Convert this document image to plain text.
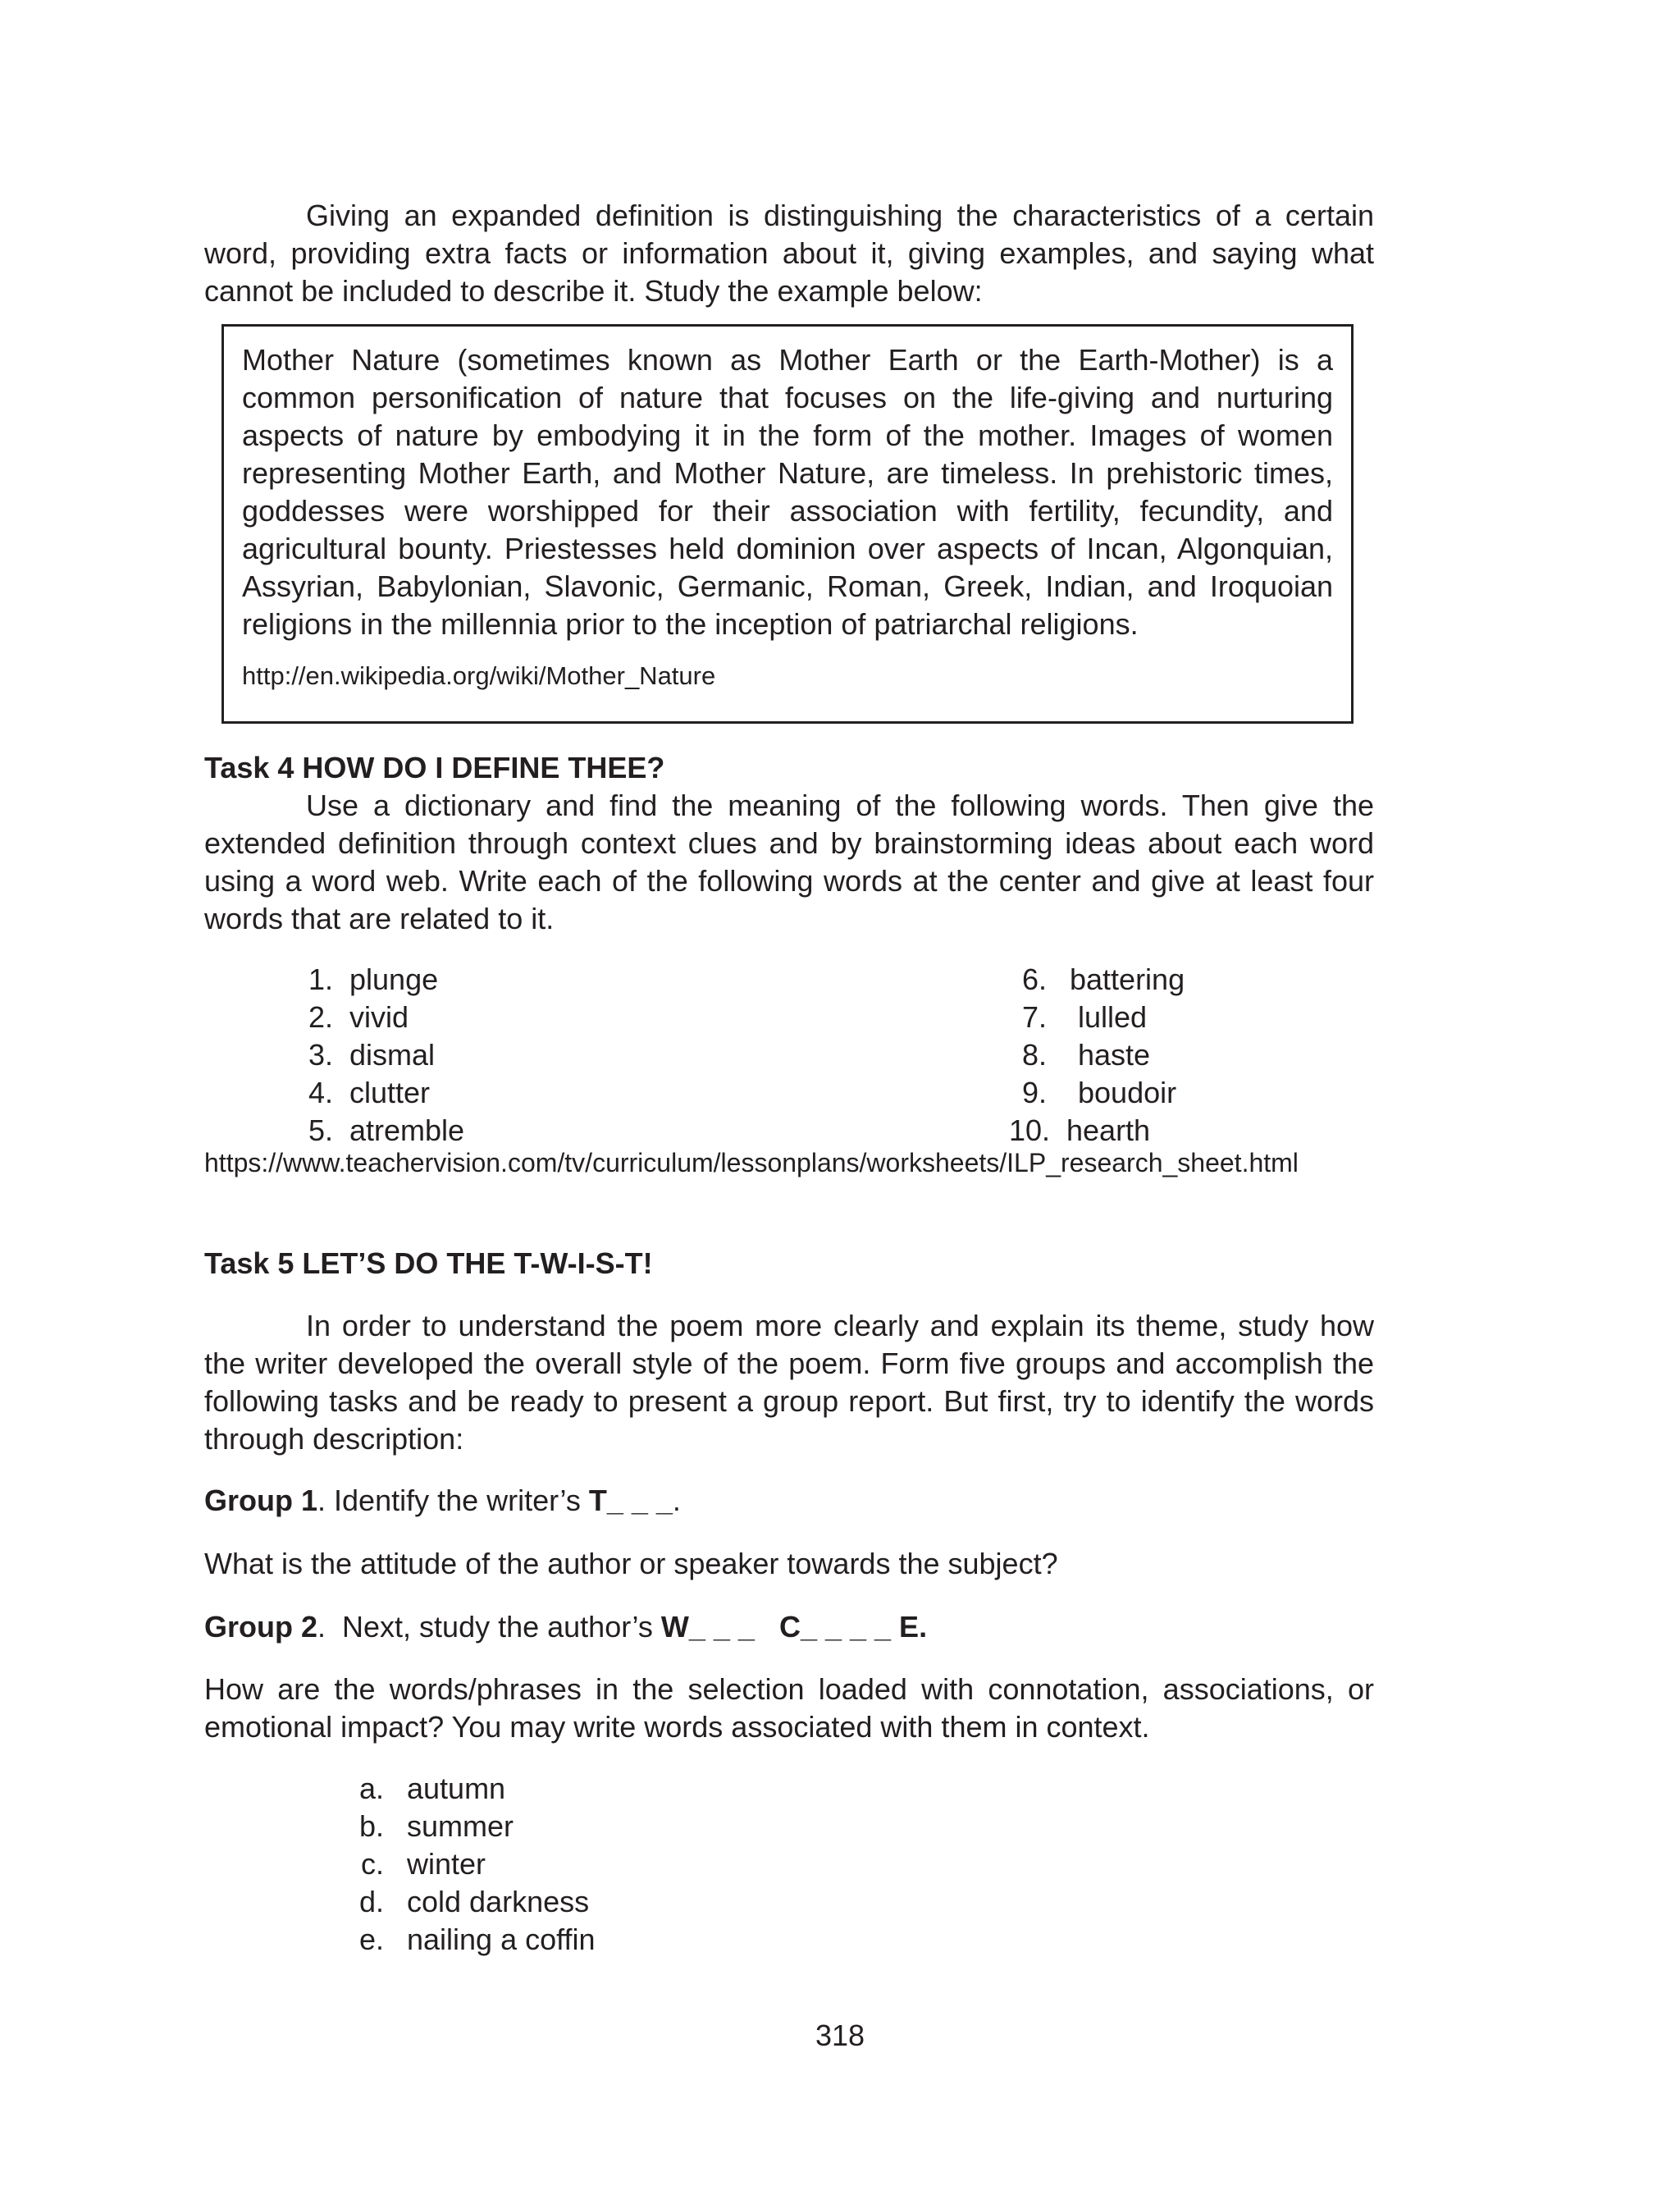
Giving an expanded definition is distinguishing the characteristics of a certain word, providing extra facts or information about it, giving examples, and saying what cannot be included to describe it. Study the example below:

Mother Nature (sometimes known as Mother Earth or the Earth-Mother) is a common personification of nature that focuses on the life-giving and nurturing aspects of nature by embodying it in the form of the mother. Images of women representing Mother Earth, and Mother Nature, are timeless. In prehistoric times, goddesses were worshipped for their association with fertility, fecundity, and agricultural bounty. Priestesses held dominion over aspects of Incan, Algonquian, Assyrian, Babylonian, Slavonic, Germanic, Roman, Greek, Indian, and Iroquoian religions in the millennia prior to the inception of patriarchal religions.

http://en.wikipedia.org/wiki/Mother_Nature

Task 4 HOW DO I DEFINE THEE?

Use a dictionary and find the meaning of the following words. Then give the extended definition through context clues and by brainstorming ideas about each word using a word web. Write each of the following words at the center and give at least four words that are related to it.

1. plunge
2. vivid
3. dismal
4. clutter
5. atremble
6. battering
7. lulled
8. haste
9. boudoir
10. hearth

https://www.teachervision.com/tv/curriculum/lessonplans/worksheets/ILP_research_sheet.html

Task 5 LET’S DO THE T-W-I-S-T!

In order to understand the poem more clearly and explain its theme, study how the writer developed the overall style of the poem. Form five groups and accomplish the following tasks and be ready to present a group report. But first, try to identify the words through description:

Group 1. Identify the writer’s T_ _ _.

What is the attitude of the author or speaker towards the subject?

Group 2.  Next, study the author’s W_ _ _   C_ _ _ _ E.

How are the words/phrases in the selection loaded with connotation, associations, or emotional impact? You may write words associated with them in context.

a. autumn
b. summer
c. winter
d. cold darkness
e. nailing a coffin

318
